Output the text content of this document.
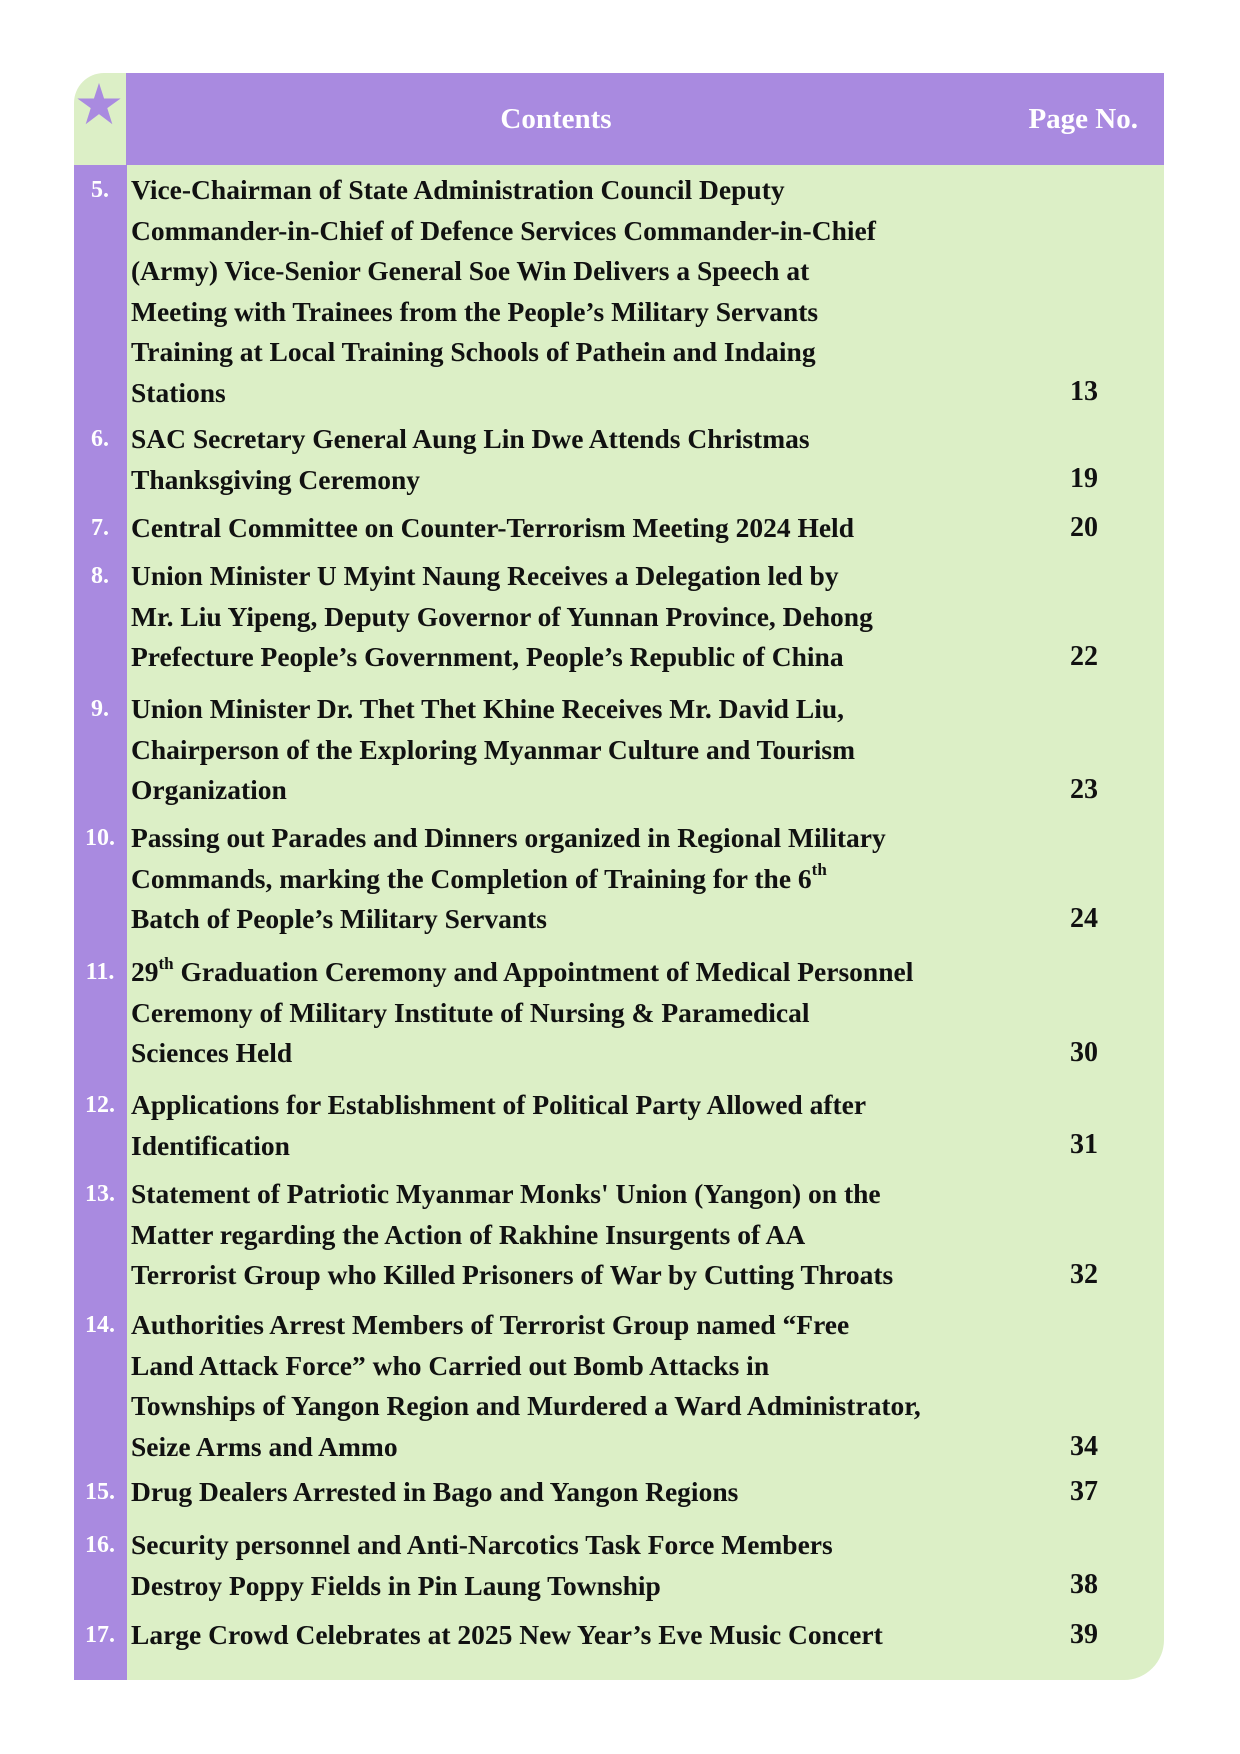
Contents	Page No.
5. Vice-Chairman of State Administration Council Deputy
Commander-in-Chief of Defence Services Commander-in-Chief
(Army) Vice-Senior General Soe Win Delivers a Speech at
Meeting with Trainees from the People’s Military Servants
Training at Local Training Schools of Pathein and Indaing
Stations	13
6. SAC Secretary General Aung Lin Dwe Attends Christmas
Thanksgiving Ceremony	19
7. Central Committee on Counter-Terrorism Meeting 2024 Held	20
8. Union Minister U Myint Naung Receives a Delegation led by
Mr. Liu Yipeng, Deputy Governor of Yunnan Province, Dehong
Prefecture People’s Government, People’s Republic of China	22
9. Union Minister Dr. Thet Thet Khine Receives Mr. David Liu,
Chairperson of the Exploring Myanmar Culture and Tourism
Organization	23
10. Passing out Parades and Dinners organized in Regional Military
Commands, marking the Completion of Training for the 6th
Batch of People’s Military Servants	24
11. 29th Graduation Ceremony and Appointment of Medical Personnel
Ceremony of Military Institute of Nursing & Paramedical
Sciences Held	30
12. Applications for Establishment of Political Party Allowed after
Identification	31
13. Statement of Patriotic Myanmar Monks' Union (Yangon) on the
Matter regarding the Action of Rakhine Insurgents of AA
Terrorist Group who Killed Prisoners of War by Cutting Throats	32
14. Authorities Arrest Members of Terrorist Group named “Free
Land Attack Force” who Carried out Bomb Attacks in
Townships of Yangon Region and Murdered a Ward Administrator,
Seize Arms and Ammo	34
15. Drug Dealers Arrested in Bago and Yangon Regions	37
16. Security personnel and Anti-Narcotics Task Force Members
Destroy Poppy Fields in Pin Laung Township	38
17. Large Crowd Celebrates at 2025 New Year’s Eve Music Concert	39
